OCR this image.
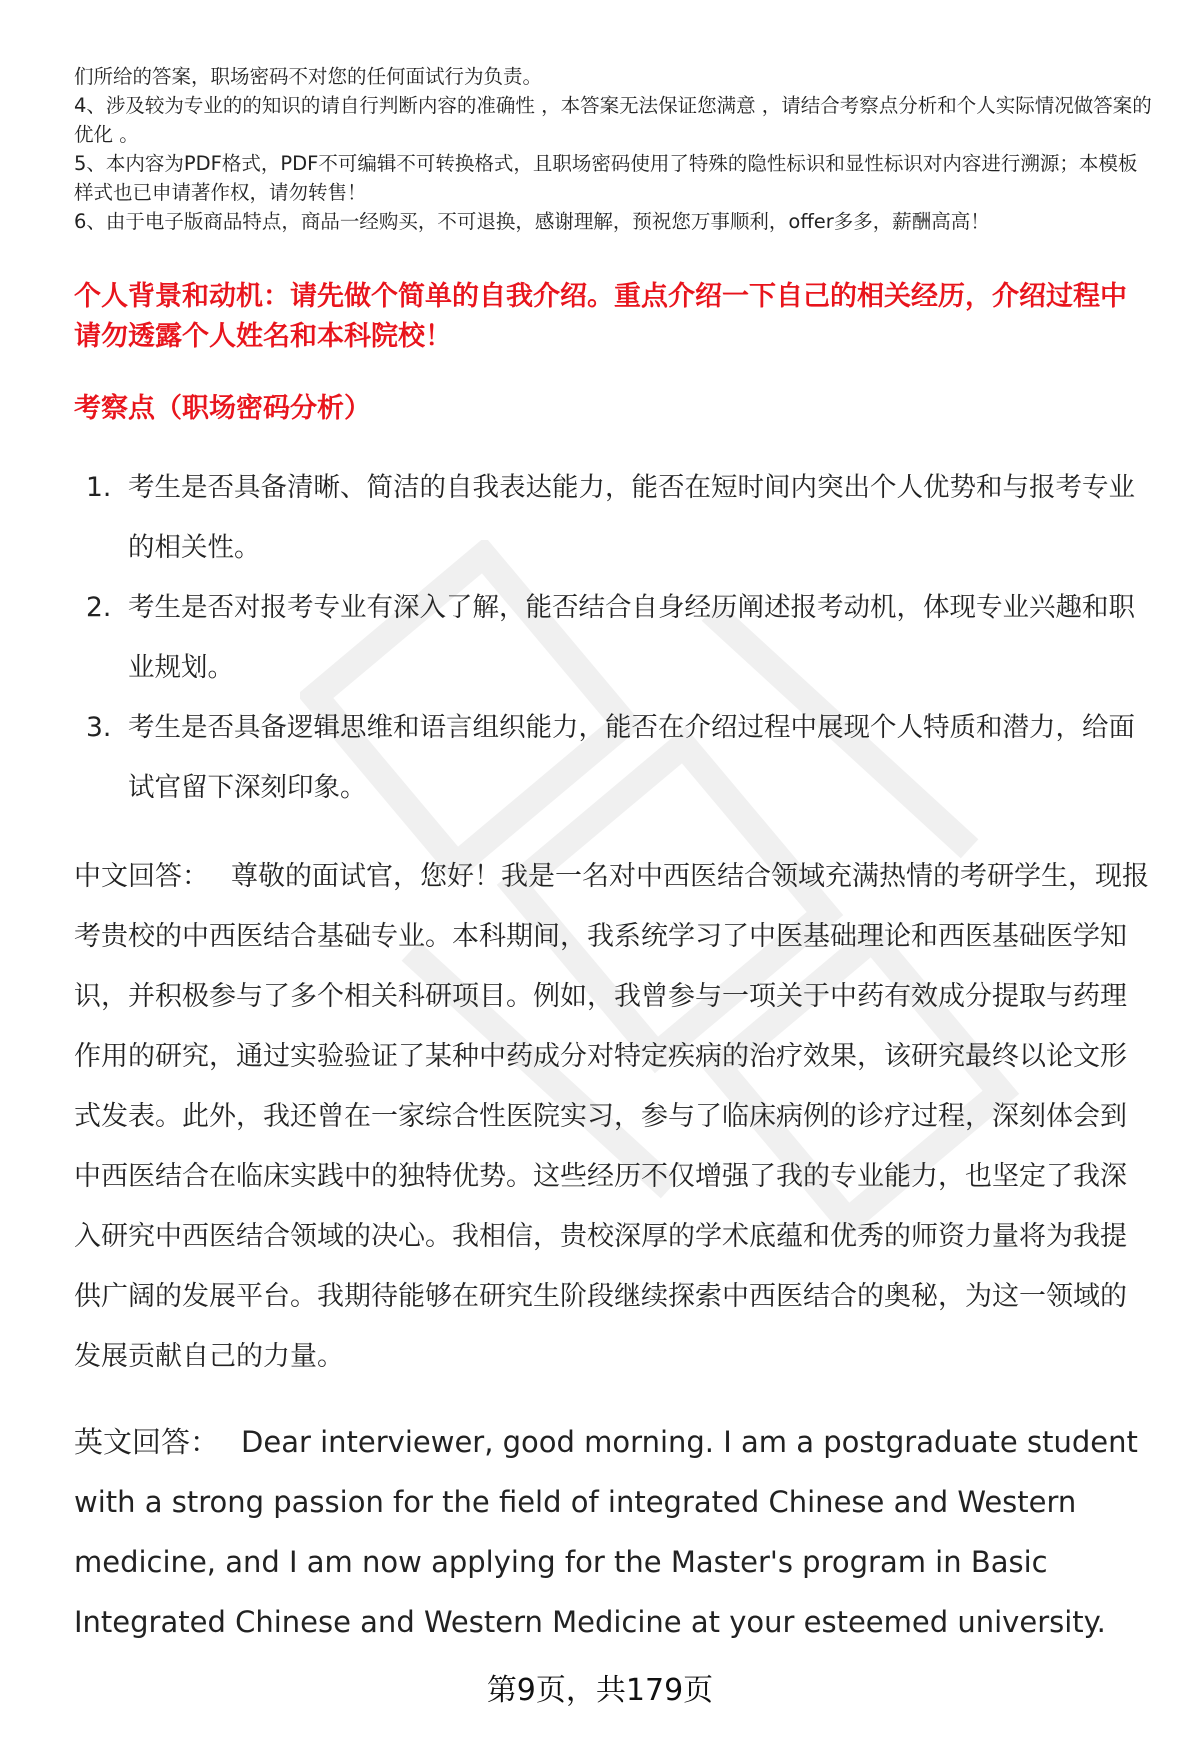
们所给的答案，职场密码不对您的任何面试行为负责。

4、涉及较为专业的的知识的请自行判断内容的准确性 ，本答案无法保证您满意 ，请结合考察点分析和个人实际情况做答案的优化 。

5、本内容为PDF格式，PDF不可编辑不可转换格式，且职场密码使用了特殊的隐性标识和显性标识对内容进行溯源；本模板样式也已申请著作权，请勿转售！

6、由于电子版商品特点，商品一经购买，不可退换，感谢理解，预祝您万事顺利，offer多多，薪酬高高！

个人背景和动机：请先做个简单的自我介绍。重点介绍一下自己的相关经历，介绍过程中请勿透露个人姓名和本科院校！
考察点（职场密码分析）
1. 考生是否具备清晰、简洁的自我表达能力，能否在短时间内突出个人优势和与报考专业的相关性。
2. 考生是否对报考专业有深入了解，能否结合自身经历阐述报考动机，体现专业兴趣和职业规划。
3. 考生是否具备逻辑思维和语言组织能力，能否在介绍过程中展现个人特质和潜力，给面试官留下深刻印象。

中文回答： 尊敬的面试官，您好！我是一名对中西医结合领域充满热情的考研学生，现报考贵校的中西医结合基础专业。本科期间，我系统学习了中医基础理论和西医基础医学知识，并积极参与了多个相关科研项目。例如，我曾参与一项关于中药有效成分提取与药理作用的研究，通过实验验证了某种中药成分对特定疾病的治疗效果，该研究最终以论文形式发表。此外，我还曾在一家综合性医院实习，参与了临床病例的诊疗过程，深刻体会到中西医结合在临床实践中的独特优势。这些经历不仅增强了我的专业能力，也坚定了我深入研究中西医结合领域的决心。我相信，贵校深厚的学术底蕴和优秀的师资力量将为我提供广阔的发展平台。我期待能够在研究生阶段继续探索中西医结合的奥秘，为这一领域的发展贡献自己的力量。

英文回答： Dear interviewer, good morning. I am a postgraduate student with a strong passion for the field of integrated Chinese and Western medicine, and I am now applying for the Master's program in Basic Integrated Chinese and Western Medicine at your esteemed university.

第9页，共179页
